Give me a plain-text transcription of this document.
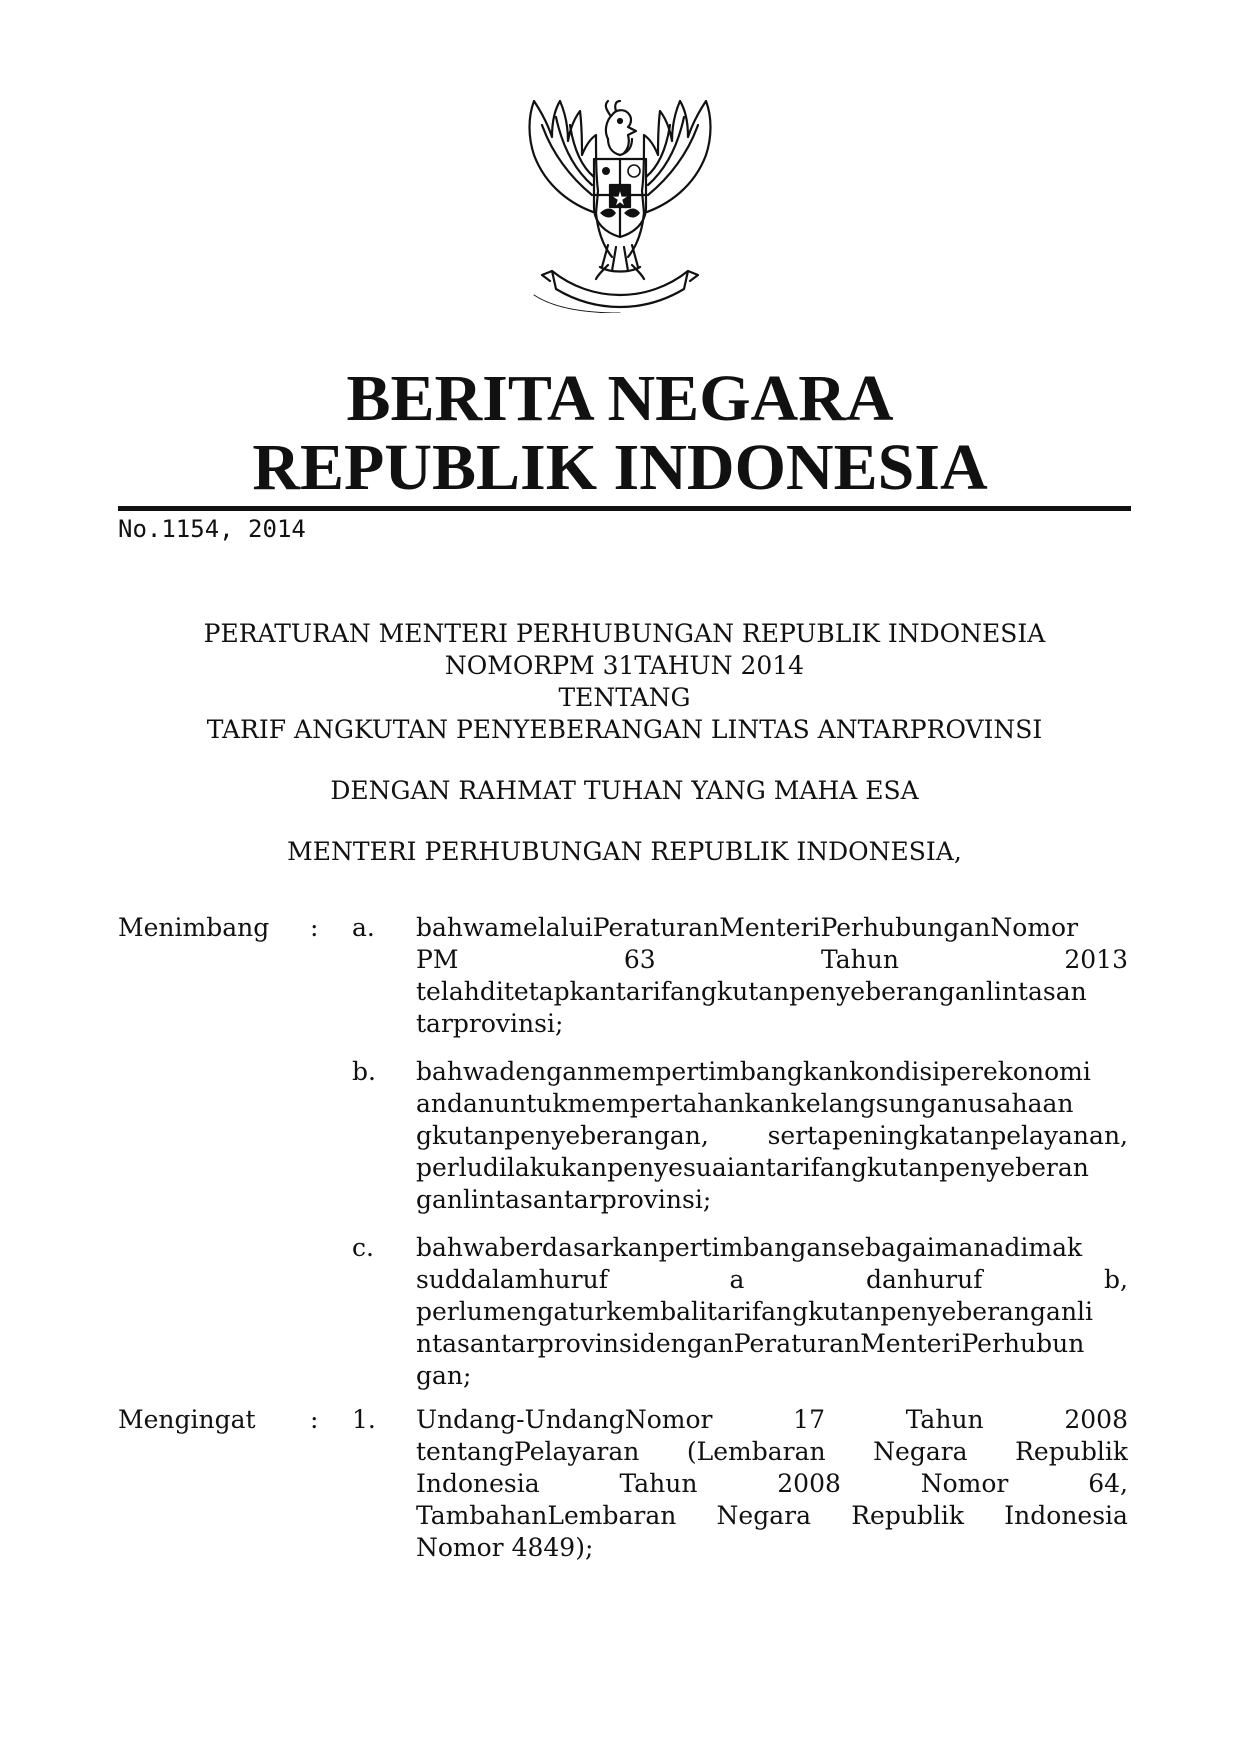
BERITA NEGARA
REPUBLIK INDONESIA
No.1154, 2014
PERATURAN MENTERI PERHUBUNGAN REPUBLIK INDONESIA
NOMORPM 31TAHUN 2014
TENTANG
TARIF ANGKUTAN PENYEBERANGAN LINTAS ANTARPROVINSI
DENGAN RAHMAT TUHAN YANG MAHA ESA
MENTERI PERHUBUNGAN REPUBLIK INDONESIA,
Menimbang : a. bahwamelaluiPeraturanMenteriPerhubunganNomor
PM	63	Tahun	2013
telahditetapkantarifangkutanpenyeberanganlintasan
tarprovinsi;
b. bahwadenganmempertimbangkankondisiperekonomi
andanuntukmempertahankankelangsunganusahaan
gkutanpenyeberangan, sertapeningkatanpelayanan,
perludilakukanpenyesuaiantarifangkutanpenyeberan
ganlintasantarprovinsi;
c. bahwaberdasarkanpertimbangansebagaimanadimak
suddalamhuruf	a	danhuruf	b,
perlumengaturkembalitarifangkutanpenyeberanganli
ntasantarprovinsidenganPeraturanMenteriPerhubun
gan;
Mengingat : 1. Undang-UndangNomor	17	Tahun	2008
tentangPelayaran (Lembaran Negara Republik
Indonesia	Tahun	2008	Nomor	64,
TambahanLembaran Negara Republik Indonesia
Nomor 4849);
